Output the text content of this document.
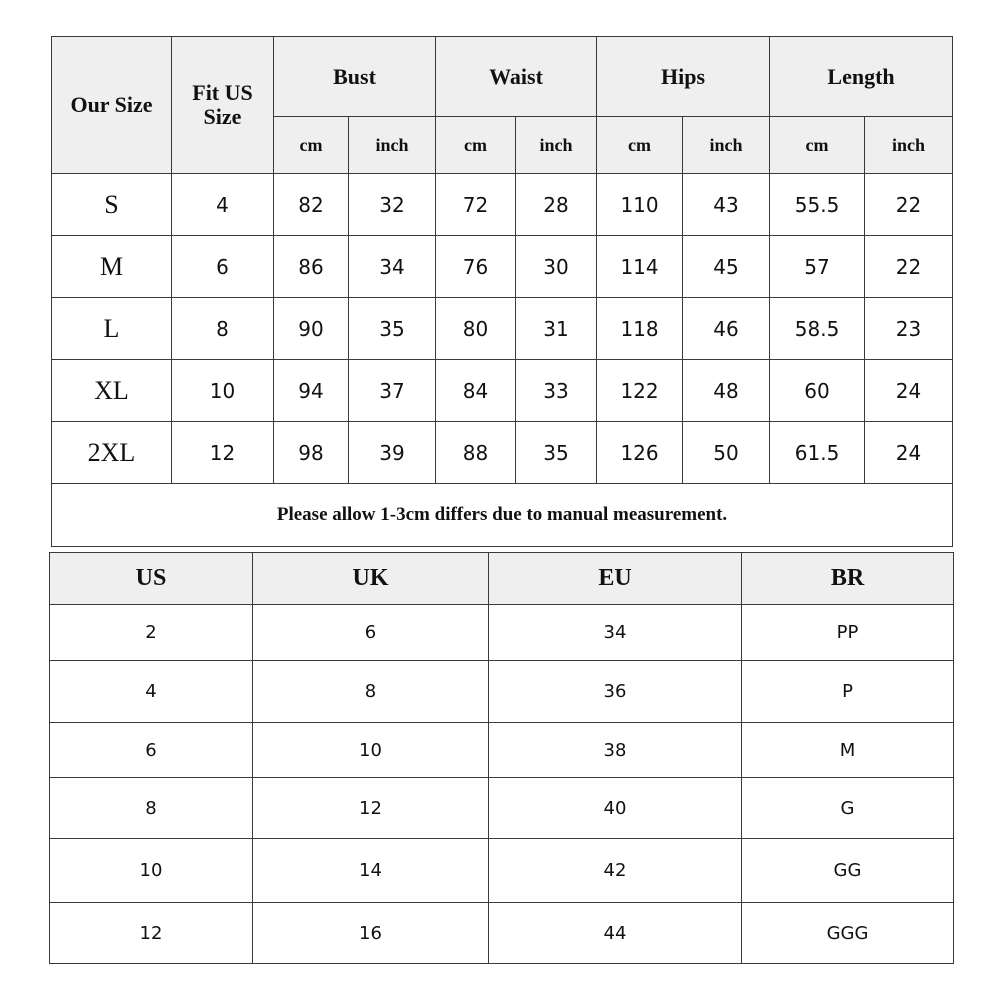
Our Size	Fit US Size	Bust		Waist		Hips		Length	
		cm	inch	cm	inch	cm	inch	cm	inch
S	4	82	32	72	28	110	43	55.5	22
M	6	86	34	76	30	114	45	57	22
L	8	90	35	80	31	118	46	58.5	23
XL	10	94	37	84	33	122	48	60	24
2XL	12	98	39	88	35	126	50	61.5	24
Please allow 1-3cm differs due to manual measurement.									
US	UK	EU	BR
2	6	34	PP
4	8	36	P
6	10	38	M
8	12	40	G
10	14	42	GG
12	16	44	GGG
